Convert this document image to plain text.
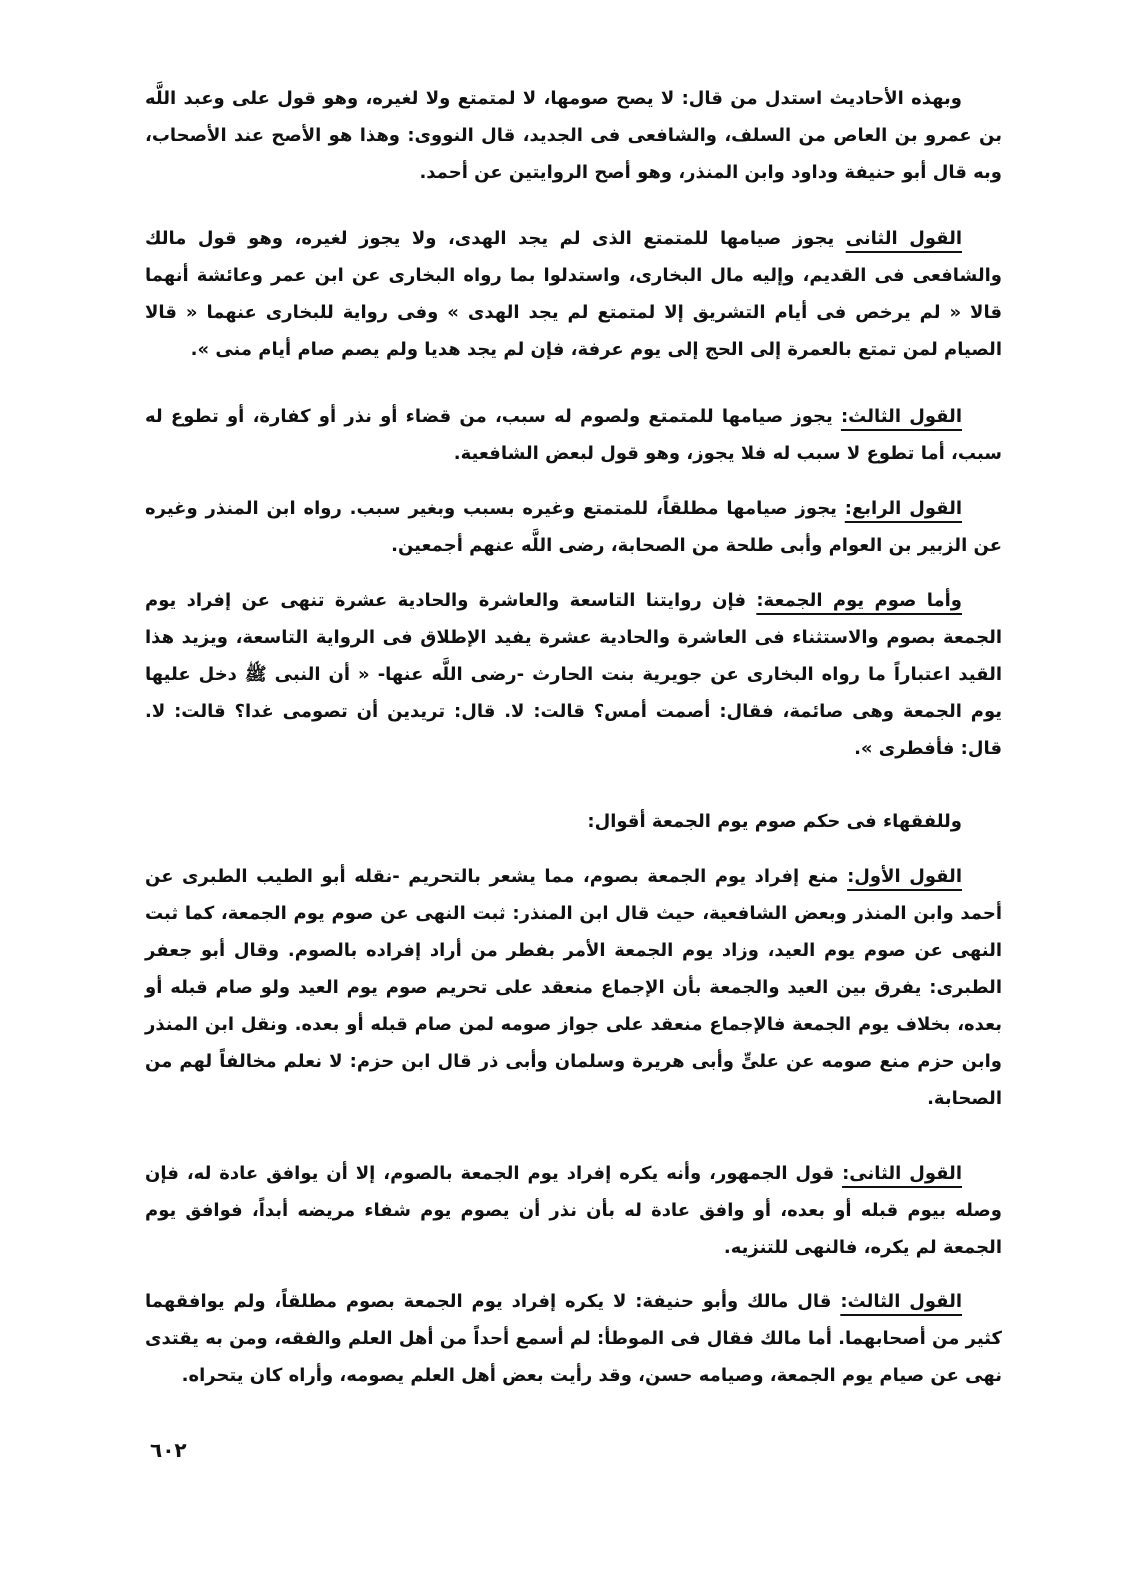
وبهذه الأحاديث استدل من قال: لا يصح صومها، لا لمتمتع ولا لغيره، وهو قول على وعبد اللَّه بن عمرو بن العاص من السلف، والشافعى فى الجديد، قال النووى: وهذا هو الأصح عند الأصحاب، وبه قال أبو حنيفة وداود وابن المنذر، وهو أصح الروايتين عن أحمد.

القول الثانى يجوز صيامها للمتمتع الذى لم يجد الهدى، ولا يجوز لغيره، وهو قول مالك والشافعى فى القديم، وإليه مال البخارى، واستدلوا بما رواه البخارى عن ابن عمر وعائشة أنهما قالا « لم يرخص فى أيام التشريق إلا لمتمتع لم يجد الهدى » وفى رواية للبخارى عنهما « قالا الصيام لمن تمتع بالعمرة إلى الحج إلى يوم عرفة، فإن لم يجد هديا ولم يصم صام أيام منى ».

القول الثالث: يجوز صيامها للمتمتع ولصوم له سبب، من قضاء أو نذر أو كفارة، أو تطوع له سبب، أما تطوع لا سبب له فلا يجوز، وهو قول لبعض الشافعية.

القول الرابع: يجوز صيامها مطلقاً، للمتمتع وغيره بسبب وبغير سبب. رواه ابن المنذر وغيره عن الزبير بن العوام وأبى طلحة من الصحابة، رضى اللَّه عنهم أجمعين.

وأما صوم يوم الجمعة: فإن روايتنا التاسعة والعاشرة والحادية عشرة تنهى عن إفراد يوم الجمعة بصوم والاستثناء فى العاشرة والحادية عشرة يفيد الإطلاق فى الرواية التاسعة، ويزيد هذا القيد اعتباراً ما رواه البخارى عن جويرية بنت الحارث -رضى اللَّه عنها- « أن النبى ﷺ دخل عليها يوم الجمعة وهى صائمة، فقال: أصمت أمس؟ قالت: لا. قال: تريدين أن تصومى غدا؟ قالت: لا. قال: فأفطرى ».

وللفقهاء فى حكم صوم يوم الجمعة أقوال:

القول الأول: منع إفراد يوم الجمعة بصوم، مما يشعر بالتحريم -نقله أبو الطيب الطبرى عن أحمد وابن المنذر وبعض الشافعية، حيث قال ابن المنذر: ثبت النهى عن صوم يوم الجمعة، كما ثبت النهى عن صوم يوم العيد، وزاد يوم الجمعة الأمر بفطر من أراد إفراده بالصوم. وقال أبو جعفر الطبرى: يفرق بين العيد والجمعة بأن الإجماع منعقد على تحريم صوم يوم العيد ولو صام قبله أو بعده، بخلاف يوم الجمعة فالإجماع منعقد على جواز صومه لمن صام قبله أو بعده. ونقل ابن المنذر وابن حزم منع صومه عن علىٍّ وأبى هريرة وسلمان وأبى ذر قال ابن حزم: لا نعلم مخالفاً لهم من الصحابة.

القول الثانى: قول الجمهور، وأنه يكره إفراد يوم الجمعة بالصوم، إلا أن يوافق عادة له، فإن وصله بيوم قبله أو بعده، أو وافق عادة له بأن نذر أن يصوم يوم شفاء مريضه أبداً، فوافق يوم الجمعة لم يكره، فالنهى للتنزيه.

القول الثالث: قال مالك وأبو حنيفة: لا يكره إفراد يوم الجمعة بصوم مطلقاً، ولم يوافقهما كثير من أصحابهما. أما مالك فقال فى الموطأ: لم أسمع أحداً من أهل العلم والفقه، ومن به يقتدى نهى عن صيام يوم الجمعة، وصيامه حسن، وقد رأيت بعض أهل العلم يصومه، وأراه كان يتحراه.

٦٠٢
